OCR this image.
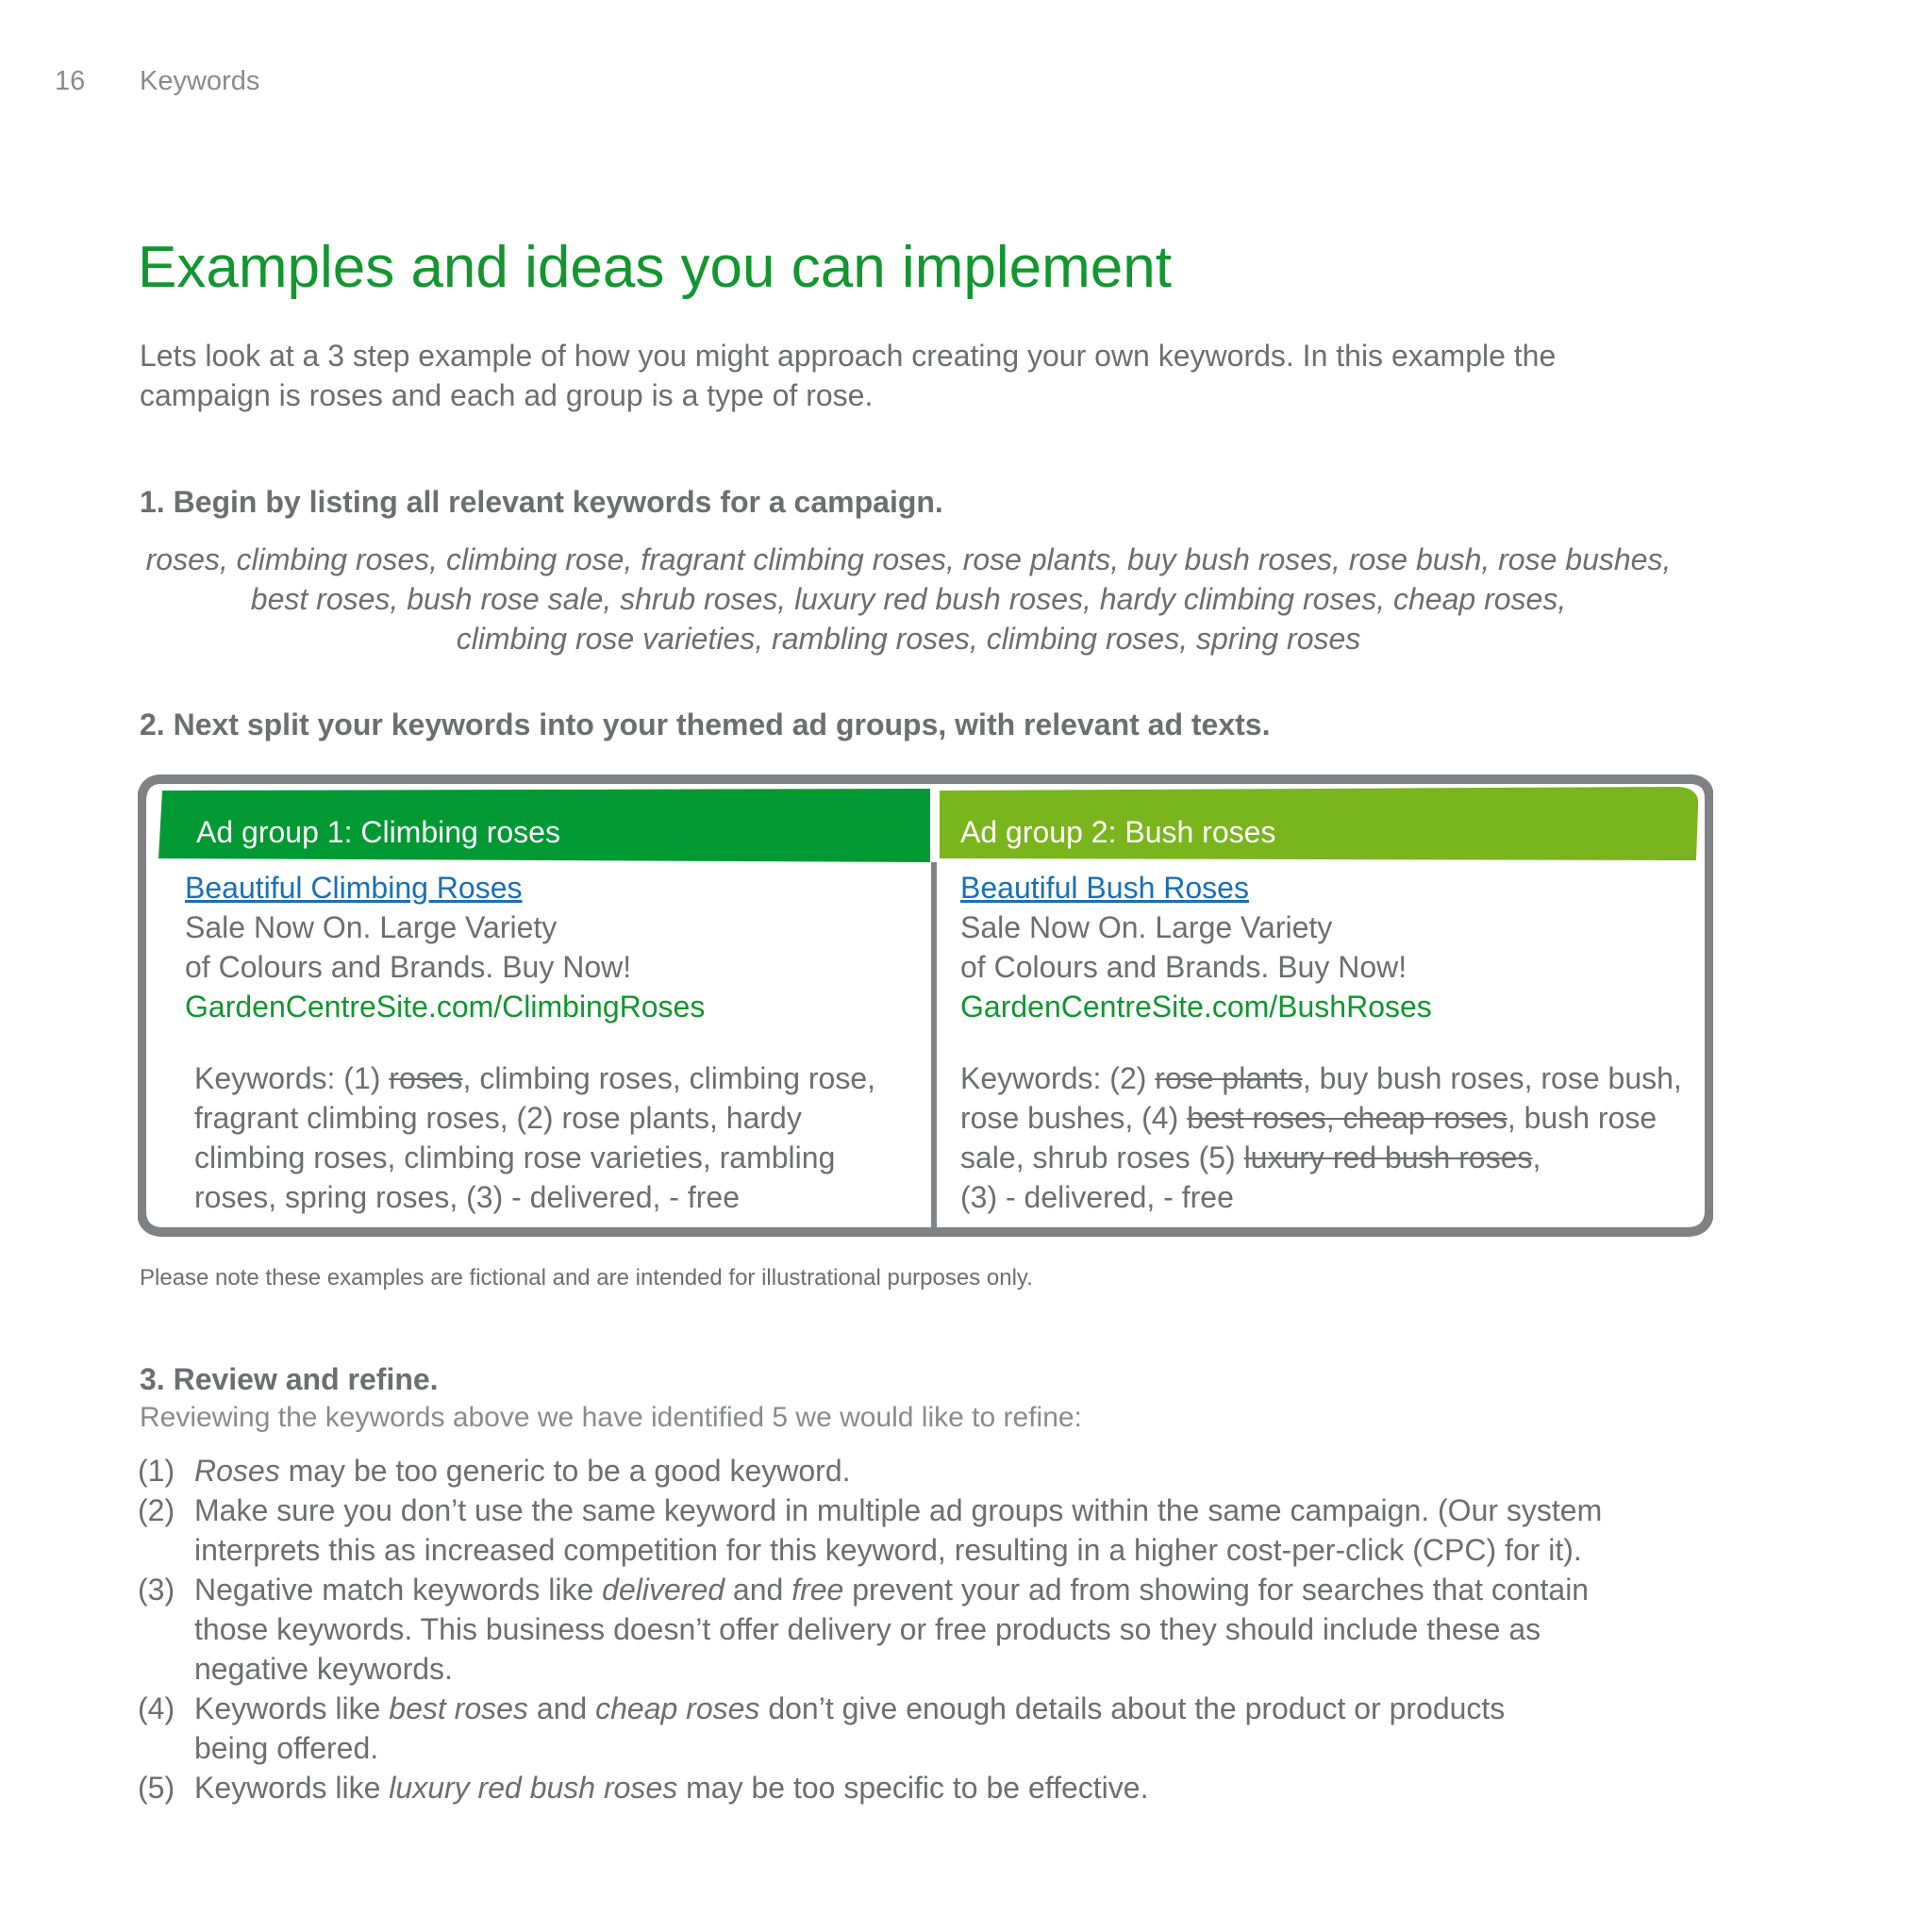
16 Keywords
Examples and ideas you can implement
Lets look at a 3 step example of how you might approach creating your own keywords. In this example the
campaign is roses and each ad group is a type of rose.
1. Begin by listing all relevant keywords for a campaign.
roses, climbing roses, climbing rose, fragrant climbing roses, rose plants, buy bush roses, rose bush, rose bushes,
best roses, bush rose sale, shrub roses, luxury red bush roses, hardy climbing roses, cheap roses,
climbing rose varieties, rambling roses, climbing roses, spring roses
2. Next split your keywords into your themed ad groups, with relevant ad texts.
Ad group 1: Climbing roses
Beautiful Climbing Roses
Sale Now On. Large Variety
of Colours and Brands. Buy Now!
GardenCentreSite.com/ClimbingRoses
Keywords: (1) roses, climbing roses, climbing rose,
fragrant climbing roses, (2) rose plants, hardy
climbing roses, climbing rose varieties, rambling
roses, spring roses, (3) - delivered, - free
Ad group 2: Bush roses
Beautiful Bush Roses
Sale Now On. Large Variety
of Colours and Brands. Buy Now!
GardenCentreSite.com/BushRoses
Keywords: (2) rose plants, buy bush roses, rose bush,
rose bushes, (4) best roses, cheap roses, bush rose
sale, shrub roses (5) luxury red bush roses,
(3) - delivered, - free
Please note these examples are fictional and are intended for illustrational purposes only.
3. Review and refine.
Reviewing the keywords above we have identified 5 we would like to refine:
(1) Roses may be too generic to be a good keyword.
(2) Make sure you don’t use the same keyword in multiple ad groups within the same campaign. (Our system
interprets this as increased competition for this keyword, resulting in a higher cost-per-click (CPC) for it).
(3) Negative match keywords like delivered and free prevent your ad from showing for searches that contain
those keywords. This business doesn’t offer delivery or free products so they should include these as
negative keywords.
(4) Keywords like best roses and cheap roses don’t give enough details about the product or products
being offered.
(5) Keywords like luxury red bush roses may be too specific to be effective.
